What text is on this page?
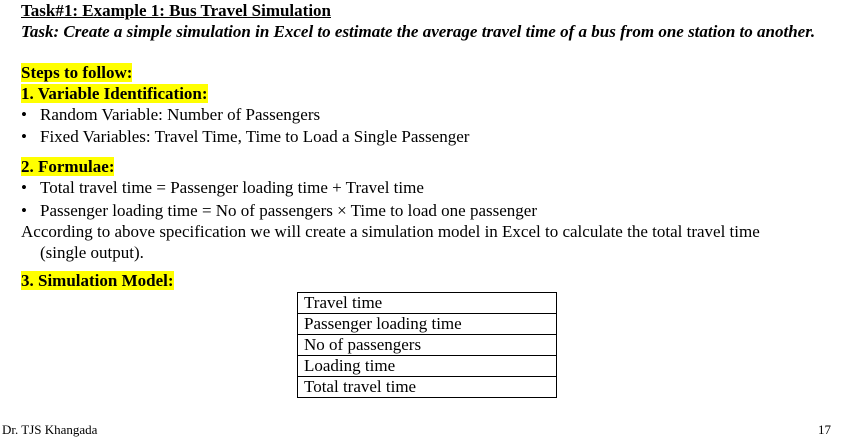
Task#1: Example 1: Bus Travel Simulation
Task: Create a simple simulation in Excel to estimate the average travel time of a bus from one station to another.
Steps to follow:
1. Variable Identification:
• Random Variable: Number of Passengers
• Fixed Variables: Travel Time, Time to Load a Single Passenger
2. Formulae:
• Total travel time = Passenger loading time + Travel time
• Passenger loading time = No of passengers × Time to load one passenger
According to above specification we will create a simulation model in Excel to calculate the total travel time
(single output).
3. Simulation Model:
Travel time
Passenger loading time
No of passengers
Loading time
Total travel time
Dr. TJS Khangada	17
